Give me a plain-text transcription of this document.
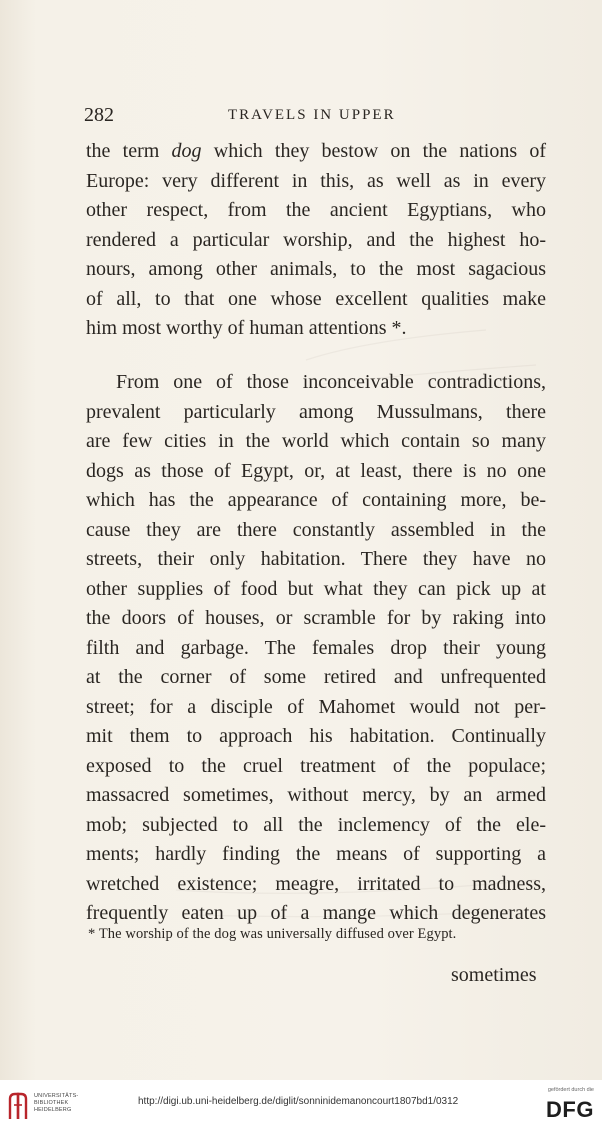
282	TRAVELS IN UPPER
the term dog which they bestow on the nations of
Europe: very different in this, as well as in every
other respect, from the ancient Egyptians, who
rendered a particular worship, and the highest ho-
nours, among other animals, to the most sagacious
of all, to that one whose excellent qualities make
him most worthy of human attentions *.
From one of those inconceivable contradictions,
prevalent particularly among Mussulmans, there
are few cities in the world which contain so many
dogs as those of Egypt, or, at least, there is no one
which has the appearance of containing more, be-
cause they are there constantly assembled in the
streets, their only habitation. There they have no
other supplies of food but what they can pick up at
the doors of houses, or scramble for by raking into
filth and garbage. The females drop their young
at the corner of some retired and unfrequented
street; for a disciple of Mahomet would not per-
mit them to approach his habitation. Continually
exposed to the cruel treatment of the populace;
massacred sometimes, without mercy, by an armed
mob; subjected to all the inclemency of the ele-
ments; hardly finding the means of supporting a
wretched existence; meagre, irritated to madness,
frequently eaten up of a mange which degenerates
* The worship of the dog was universally diffused over Egypt.
sometimes
UNIVERSITÄTS-
BIBLIOTHEK
HEIDELBERG
http://digi.ub.uni-heidelberg.de/diglit/sonninidemanoncourt1807bd1/0312
gefördert durch die
DFG
